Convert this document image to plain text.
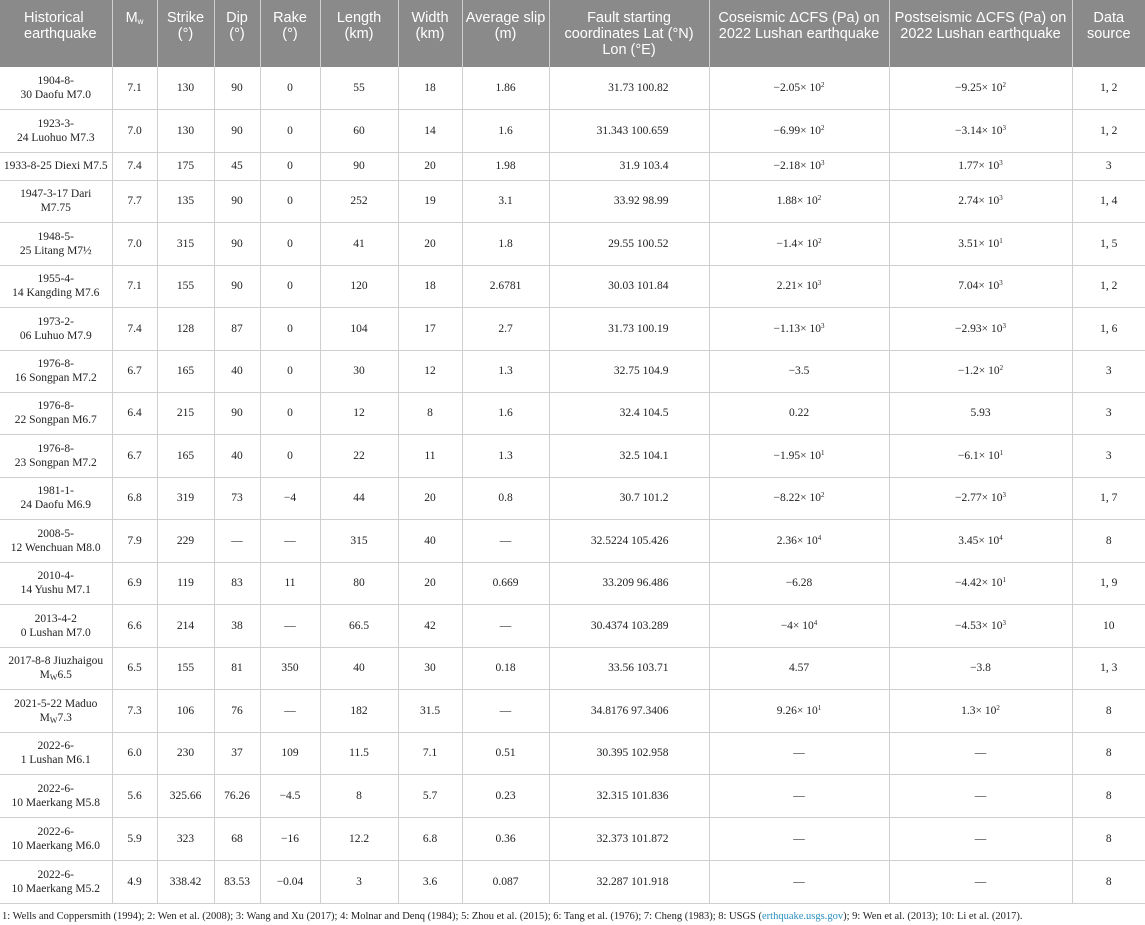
Historical earthquake	$M_w$	Strike (°)	Dip (°)	Rake (°)	Length (km)	Width (km)	Average slip (m)	Fault starting coordinates Lat (°N) Lon (°E)	Coseismic ΔCFS (Pa) on 2022 Lushan earthquake	Postseismic ΔCFS (Pa) on 2022 Lushan earthquake	Data source
1904-8-
30 Daofu M7.0	7.1	130	90	0	55	18	1.86	31.73 100.82	$-2.05\times 10^2$	$-9.25\times 10^2$	1, 2
1923-3-
24 Luohuo M7.3	7.0	130	90	0	60	14	1.6	31.343 100.659	$-6.99\times 10^2$	$-3.14\times 10^3$	1, 2
1933-8-25 Diexi M7.5	7.4	175	45	0	90	20	1.98	31.9 103.4	$-2.18\times 10^3$	$1.77\times 10^3$	3
1947-3-17 Dari
M7.75	7.7	135	90	0	252	19	3.1	33.92 98.99	$1.88\times 10^2$	$2.74\times 10^3$	1, 4
1948-5-
25 Litang M7½	7.0	315	90	0	41	20	1.8	29.55 100.52	$-1.4\times 10^2$	$3.51\times 10^1$	1, 5
1955-4-
14 Kangding M7.6	7.1	155	90	0	120	18	2.6781	30.03 101.84	$2.21\times 10^3$	$7.04\times 10^3$	1, 2
1973-2-
06 Luhuo M7.9	7.4	128	87	0	104	17	2.7	31.73 100.19	$-1.13\times 10^3$	$-2.93\times 10^3$	1, 6
1976-8-
16 Songpan M7.2	6.7	165	40	0	30	12	1.3	32.75 104.9	−3.5	$-1.2\times 10^2$	3
1976-8-
22 Songpan M6.7	6.4	215	90	0	12	8	1.6	32.4 104.5	0.22	5.93	3
1976-8-
23 Songpan M7.2	6.7	165	40	0	22	11	1.3	32.5 104.1	$-1.95\times 10^1$	$-6.1\times 10^1$	3
1981-1-
24 Daofu M6.9	6.8	319	73	−4	44	20	0.8	30.7 101.2	$-8.22\times 10^2$	$-2.77\times 10^3$	1, 7
2008-5-
12 Wenchuan M8.0	7.9	229	—	—	315	40	—	32.5224 105.426	$2.36\times 10^4$	$3.45\times 10^4$	8
2010-4-
14 Yushu M7.1	6.9	119	83	11	80	20	0.669	33.209 96.486	−6.28	$-4.42\times 10^1$	1, 9
2013-4-2
0 Lushan M7.0	6.6	214	38	—	66.5	42	—	30.4374 103.289	$-4\times 10^4$	$-4.53\times 10^3$	10
2017-8-8 Jiuzhaigou
$M_W6.5$	6.5	155	81	350	40	30	0.18	33.56 103.71	4.57	−3.8	1, 3
2021-5-22 Maduo
$M_W7.3$	7.3	106	76	—	182	31.5	—	34.8176 97.3406	$9.26\times 10^1$	$1.3\times 10^2$	8
2022-6-
1 Lushan M6.1	6.0	230	37	109	11.5	7.1	0.51	30.395 102.958	—	—	8
2022-6-
10 Maerkang M5.8	5.6	325.66	76.26	−4.5	8	5.7	0.23	32.315 101.836	—	—	8
2022-6-
10 Maerkang M6.0	5.9	323	68	−16	12.2	6.8	0.36	32.373 101.872	—	—	8
2022-6-
10 Maerkang M5.2	4.9	338.42	83.53	−0.04	3	3.6	0.087	32.287 101.918	—	—	8
1: Wells and Coppersmith (1994); 2: Wen et al. (2008); 3: Wang and Xu (2017); 4: Molnar and Denq (1984); 5: Zhou et al. (2015); 6: Tang et al. (1976); 7: Cheng (1983); 8: USGS (erthquake.usgs.gov); 9: Wen et al. (2013); 10: Li et al. (2017).
